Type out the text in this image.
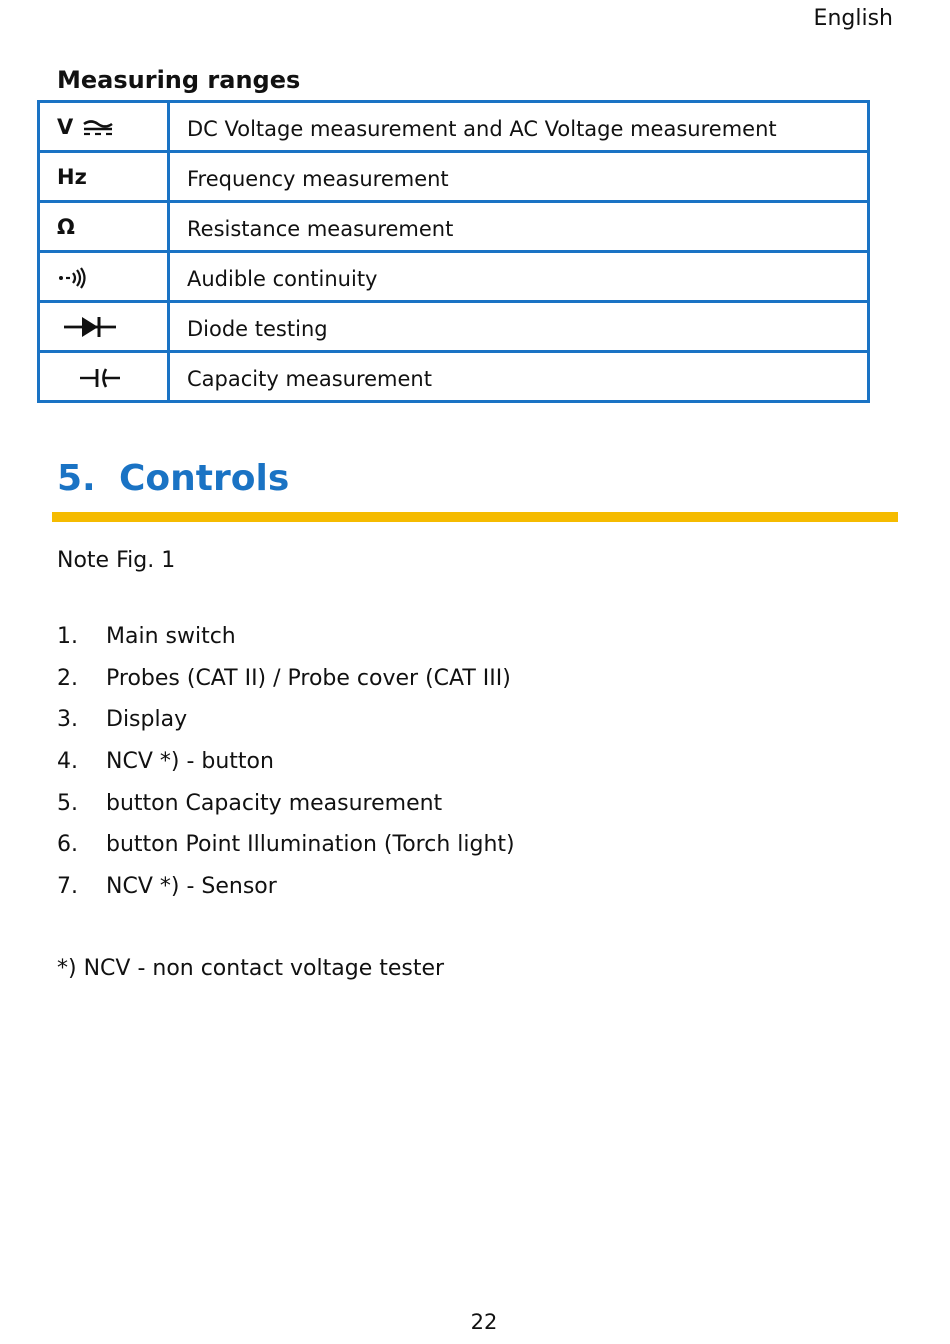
English
Measuring ranges
V	DC Voltage measurement and AC Voltage measurement
Hz	Frequency measurement
Ω	Resistance measurement
	Audible continuity
	Diode testing
	Capacity measurement
5. Controls
Note Fig. 1
1. Main switch
2. Probes (CAT II) / Probe cover (CAT III)
3. Display
4. NCV *) - button
5. button Capacity measurement
6. button Point Illumination (Torch light)
7. NCV *) - Sensor
*) NCV - non contact voltage tester
22
